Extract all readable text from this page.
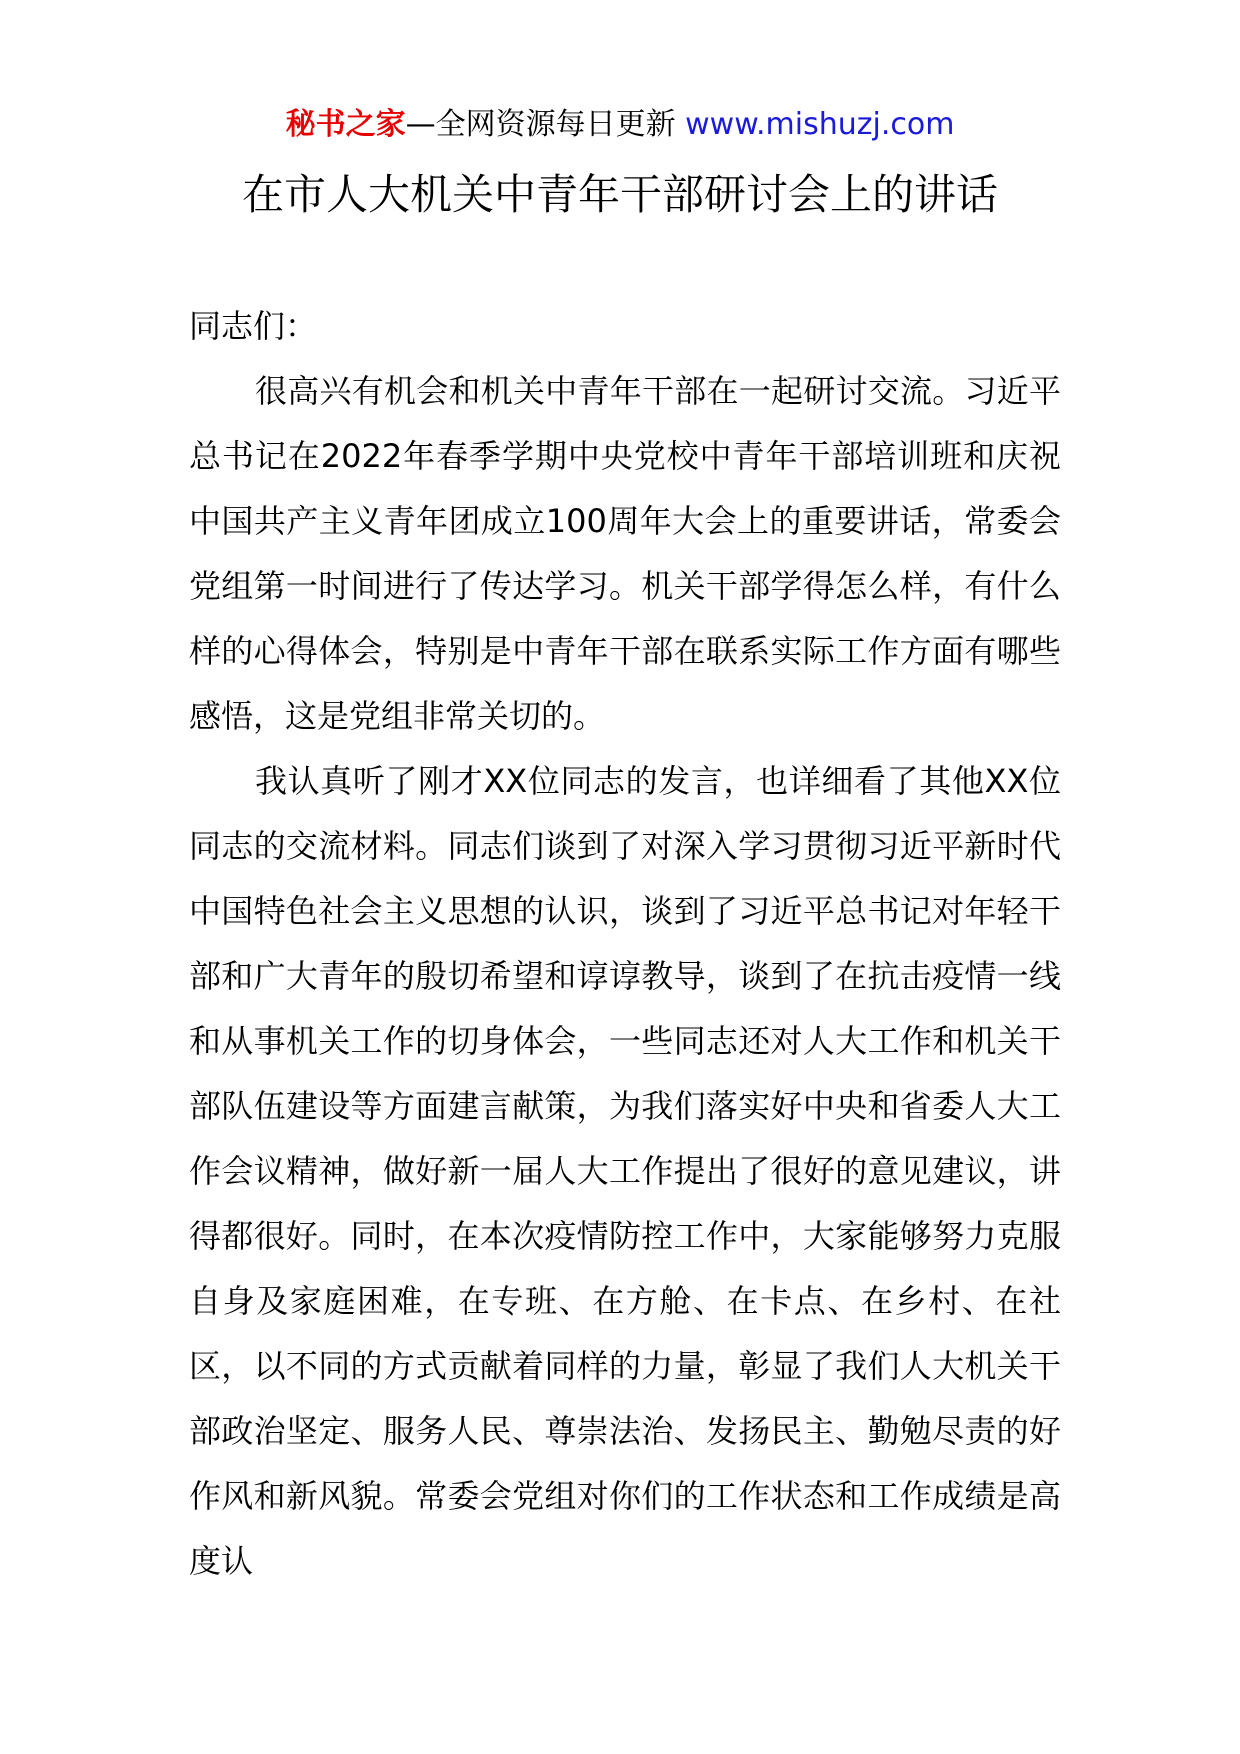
秘书之家—全网资源每日更新 www.mishuzj.com
在市人大机关中青年干部研讨会上的讲话

同志们：

很高兴有机会和机关中青年干部在一起研讨交流。习近平总书记在2022年春季学期中央党校中青年干部培训班和庆祝中国共产主义青年团成立100周年大会上的重要讲话，常委会党组第一时间进行了传达学习。机关干部学得怎么样，有什么样的心得体会，特别是中青年干部在联系实际工作方面有哪些感悟，这是党组非常关切的。

我认真听了刚才XX位同志的发言，也详细看了其他XX位同志的交流材料。同志们谈到了对深入学习贯彻习近平新时代中国特色社会主义思想的认识，谈到了习近平总书记对年轻干部和广大青年的殷切希望和谆谆教导，谈到了在抗击疫情一线和从事机关工作的切身体会，一些同志还对人大工作和机关干部队伍建设等方面建言献策，为我们落实好中央和省委人大工作会议精神，做好新一届人大工作提出了很好的意见建议，讲得都很好。同时，在本次疫情防控工作中，大家能够努力克服自身及家庭困难，在专班、在方舱、在卡点、在乡村、在社区，以不同的方式贡献着同样的力量，彰显了我们人大机关干部政治坚定、服务人民、尊崇法治、发扬民主、勤勉尽责的好作风和新风貌。常委会党组对你们的工作状态和工作成绩是高度认
